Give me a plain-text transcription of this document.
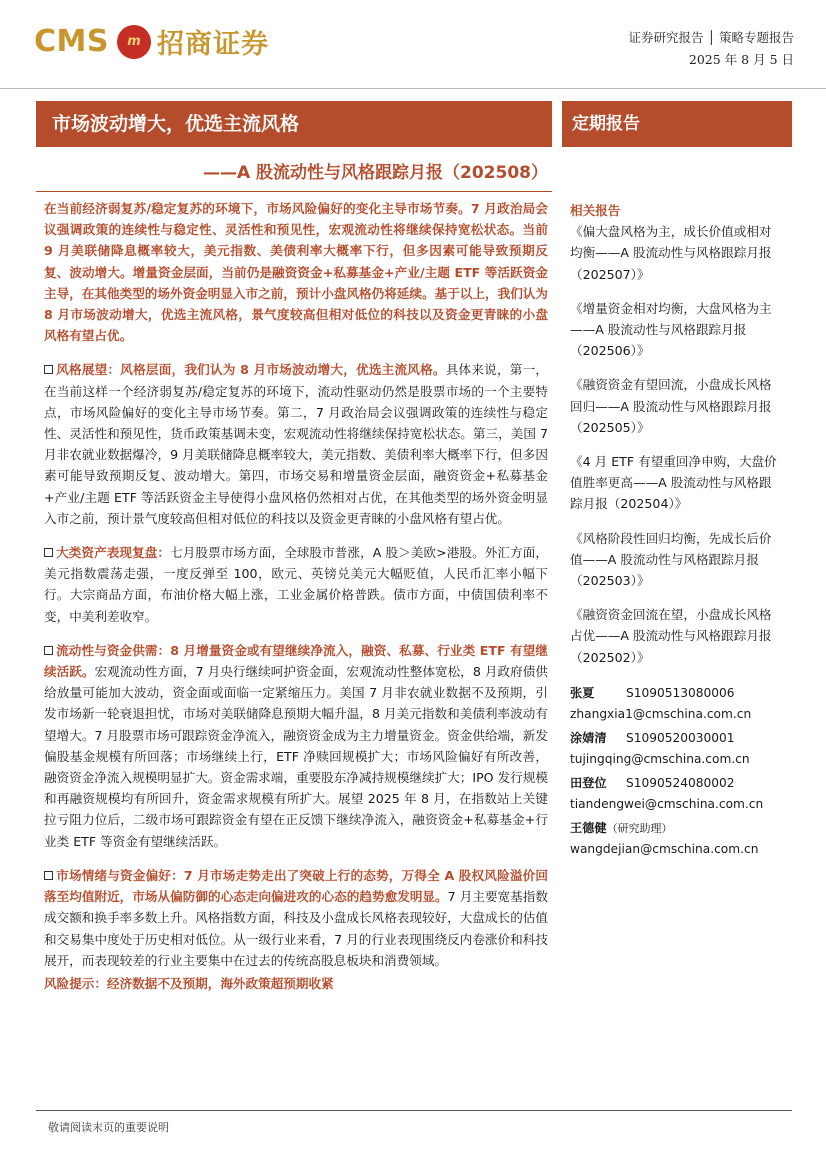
CMS	m 招商证券	证券研究报告 │ 策略专题报告
2025 年 8 月 5 日
市场波动增大，优选主流风格
——A 股流动性与风格跟踪月报（202508）
定期报告
在当前经济弱复苏/稳定复苏的环境下，市场风险偏好的变化主导市场节奏。7 月政治局会议强调政策的连续性与稳定性、灵活性和预见性，宏观流动性将继续保持宽松状态。当前 9 月美联储降息概率较大，美元指数、美债利率大概率下行，但多因素可能导致预期反复、波动增大。增量资金层面，当前仍是融资资金+私募基金+产业/主题 ETF 等活跃资金主导，在其他类型的场外资金明显入市之前，预计小盘风格仍将延续。基于以上，我们认为 8 月市场波动增大，优选主流风格，景气度较高但相对低位的科技以及资金更青睐的小盘风格有望占优。
风格展望：风格层面，我们认为 8 月市场波动增大，优选主流风格。具体来说，第一，在当前这样一个经济弱复苏/稳定复苏的环境下，流动性驱动仍然是股票市场的一个主要特点，市场风险偏好的变化主导市场节奏。第二，7 月政治局会议强调政策的连续性与稳定性、灵活性和预见性，货币政策基调未变，宏观流动性将继续保持宽松状态。第三，美国 7 月非农就业数据爆冷，9 月美联储降息概率较大，美元指数、美债利率大概率下行，但多因素可能导致预期反复、波动增大。第四，市场交易和增量资金层面，融资资金+私募基金+产业/主题 ETF 等活跃资金主导使得小盘风格仍然相对占优，在其他类型的场外资金明显入市之前，预计景气度较高但相对低位的科技以及资金更青睐的小盘风格有望占优。
大类资产表现复盘：七月股票市场方面，全球股市普涨，A 股＞美欧>港股。外汇方面，美元指数震荡走强，一度反弹至 100，欧元、英镑兑美元大幅贬值，人民币汇率小幅下行。大宗商品方面，布油价格大幅上涨，工业金属价格普跌。债市方面，中债国债利率不变，中美利差收窄。
流动性与资金供需：8 月增量资金或有望继续净流入，融资、私募、行业类 ETF 有望继续活跃。宏观流动性方面，7 月央行继续呵护资金面，宏观流动性整体宽松，8 月政府债供给放量可能加大波动，资金面或面临一定紧缩压力。美国 7 月非农就业数据不及预期，引发市场新一轮衰退担忧，市场对美联储降息预期大幅升温，8 月美元指数和美债利率波动有望增大。7 月股票市场可跟踪资金净流入，融资资金成为主力增量资金。资金供给端，新发偏股基金规模有所回落；市场继续上行，ETF 净赎回规模扩大；市场风险偏好有所改善，融资资金净流入规模明显扩大。资金需求端，重要股东净减持规模继续扩大；IPO 发行规模和再融资规模均有所回升，资金需求规模有所扩大。展望 2025 年 8 月，在指数站上关键拉亏阻力位后，二级市场可跟踪资金有望在正反馈下继续净流入，融资资金+私募基金+行业类 ETF 等资金有望继续活跃。
市场情绪与资金偏好：7 月市场走势走出了突破上行的态势，万得全 A 股权风险溢价回落至均值附近，市场从偏防御的心态走向偏进攻的心态的趋势愈发明显。7 月主要宽基指数成交额和换手率多数上升。风格指数方面，科技及小盘成长风格表现较好，大盘成长的估值和交易集中度处于历史相对低位。从一级行业来看，7 月的行业表现围绕反内卷涨价和科技展开，而表现较差的行业主要集中在过去的传统高股息板块和消费领域。
风险提示：经济数据不及预期，海外政策超预期收紧
相关报告
《偏大盘风格为主，成长价值或相对均衡——A 股流动性与风格跟踪月报（202507）》
《增量资金相对均衡，大盘风格为主——A 股流动性与风格跟踪月报（202506）》
《融资资金有望回流，小盘成长风格回归——A 股流动性与风格跟踪月报（202505）》
《4 月 ETF 有望重回净申购，大盘价值胜率更高——A 股流动性与风格跟踪月报（202504）》
《风格阶段性回归均衡，先成长后价值——A 股流动性与风格跟踪月报（202503）》
《融资资金回流在望，小盘成长风格占优——A 股流动性与风格跟踪月报（202502）》
张夏	S1090513080006
zhangxia1@cmschina.com.cn
涂婧清	S1090520030001
tujingqing@cmschina.com.cn
田登位	S1090524080002
tiandengwei@cmschina.com.cn
王德健 （研究助理）
wangdejian@cmschina.com.cn
敬请阅读末页的重要说明
